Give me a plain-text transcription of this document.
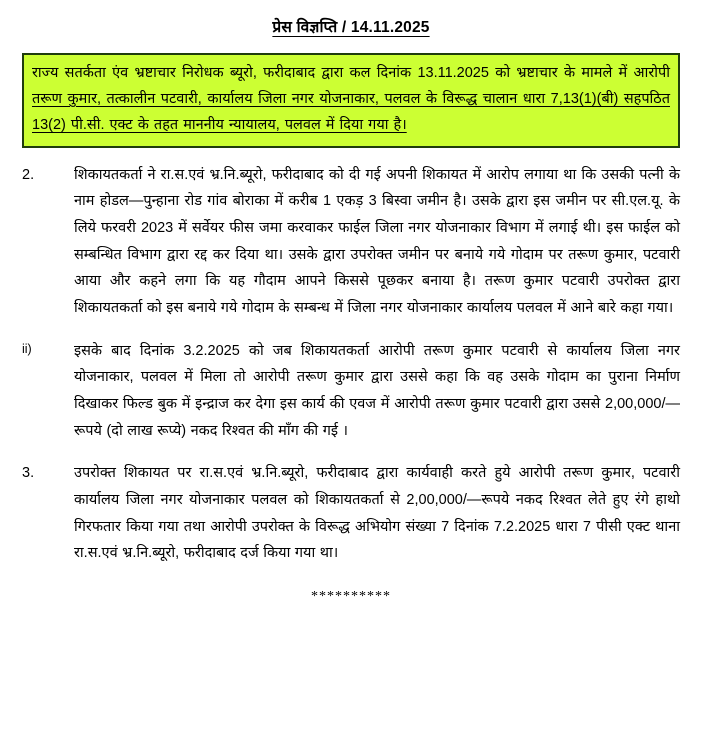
प्रेस विज्ञप्ति / 14.11.2025

राज्य सतर्कता एंव भ्रष्टाचार निरोधक ब्यूरो, फरीदाबाद द्वारा कल दिनांक 13.11.2025 को भ्रष्टाचार के मामले में आरोपी तरूण कुमार, तत्कालीन पटवारी, कार्यालय जिला नगर योजनाकार, पलवल के विरूद्ध चालान धारा 7,13(1)(बी) सहपठित 13(2) पी.सी. एक्ट के तहत माननीय न्यायालय, पलवल में दिया गया है।

2.	शिकायतकर्ता ने रा.स.एवं भ्र.नि.ब्यूरो, फरीदाबाद को दी गई अपनी शिकायत में आरोप लगाया था कि उसकी पत्नी के नाम होडल—पुन्हाना रोड गांव बोराका में करीब 1 एकड़ 3 बिस्वा जमीन है। उसके द्वारा इस जमीन पर सी.एल.यू. के लिये फरवरी 2023 में सर्वेयर फीस जमा करवाकर फाईल जिला नगर योजनाकार विभाग में लगाई थी। इस फाईल को सम्बन्धित विभाग द्वारा रद्द कर दिया था। उसके द्वारा उपरोक्त जमीन पर बनाये गये गोदाम पर तरूण कुमार, पटवारी आया और कहने लगा कि यह गौदाम आपने किससे पूछकर बनाया है। तरूण कुमार पटवारी उपरोक्त द्वारा शिकायतकर्ता को इस बनाये गये गोदाम के सम्बन्ध में जिला नगर योजनाकार कार्यालय पलवल में आने बारे कहा गया।
ii)	इसके बाद दिनांक 3.2.2025 को जब शिकायतकर्ता आरोपी तरूण कुमार पटवारी से कार्यालय जिला नगर योजनाकार, पलवल में मिला तो आरोपी तरूण कुमार द्वारा उससे कहा कि वह उसके गोदाम का पुराना निर्माण दिखाकर फिल्ड बुक में इन्द्राज कर देगा इस कार्य की एवज में आरोपी तरूण कुमार पटवारी द्वारा उससे 2,00,000/—रूपये (दो लाख रूप्ये) नकद रिश्वत की माँग की गई ।
3.	उपरोक्त शिकायत पर रा.स.एवं भ्र.नि.ब्यूरो, फरीदाबाद द्वारा कार्यवाही करते हुये आरोपी तरूण कुमार, पटवारी कार्यालय जिला नगर योजनाकार पलवल को शिकायतकर्ता से 2,00,000/—रूपये नकद रिश्वत लेते हुए रंगे हाथो गिरफतार किया गया तथा आरोपी उपरोक्त के विरूद्ध अभियोग संख्या 7 दिनांक 7.2.2025 धारा 7 पीसी एक्ट थाना रा.स.एवं भ्र.नि.ब्यूरो, फरीदाबाद दर्ज किया गया था।
**********
